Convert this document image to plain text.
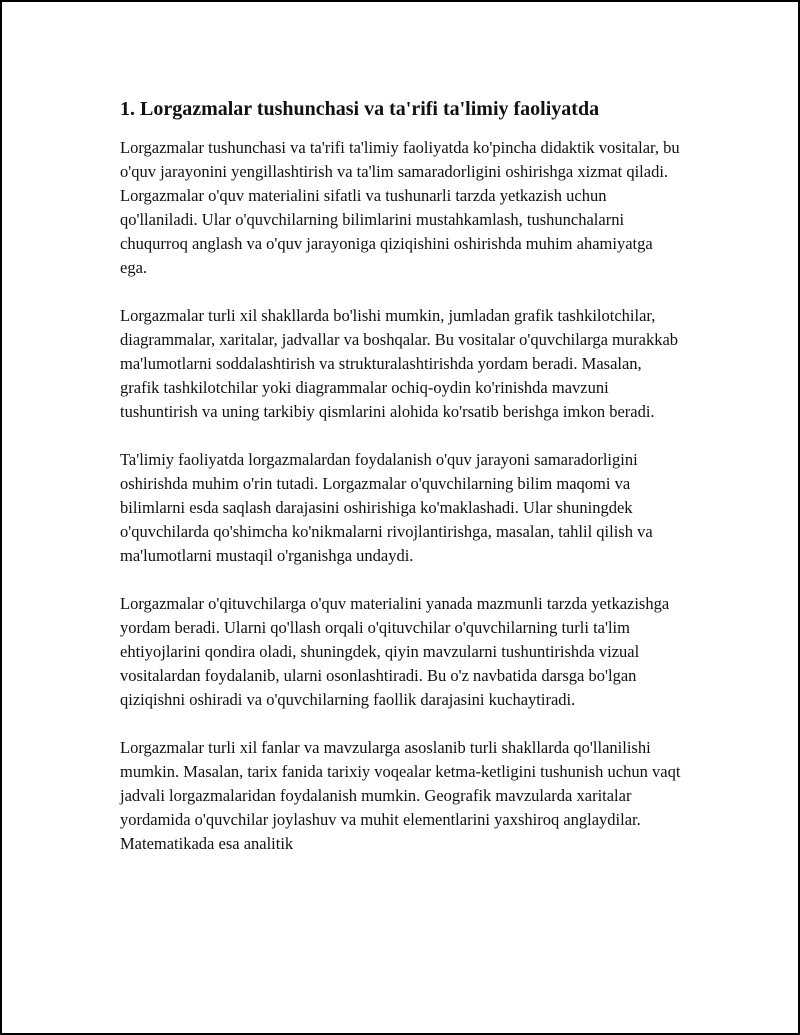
1. Lorgazmalar tushunchasi va ta'rifi ta'limiy faoliyatda

Lorgazmalar tushunchasi va ta'rifi ta'limiy faoliyatda ko'pincha didaktik vositalar, bu o'quv jarayonini yengillashtirish va ta'lim samaradorligini oshirishga xizmat qiladi. Lorgazmalar o'quv materialini sifatli va tushunarli tarzda yetkazish uchun qo'llaniladi. Ular o'quvchilarning bilimlarini mustahkamlash, tushunchalarni chuqurroq anglash va o'quv jarayoniga qiziqishini oshirishda muhim ahamiyatga ega.

Lorgazmalar turli xil shakllarda bo'lishi mumkin, jumladan grafik tashkilotchilar, diagrammalar, xaritalar, jadvallar va boshqalar. Bu vositalar o'quvchilarga murakkab ma'lumotlarni soddalashtirish va strukturalashtirishda yordam beradi. Masalan, grafik tashkilotchilar yoki diagrammalar ochiq-oydin ko'rinishda mavzuni tushuntirish va uning tarkibiy qismlarini alohida ko'rsatib berishga imkon beradi.

Ta'limiy faoliyatda lorgazmalardan foydalanish o'quv jarayoni samaradorligini oshirishda muhim o'rin tutadi. Lorgazmalar o'quvchilarning bilim maqomi va bilimlarni esda saqlash darajasini oshirishiga ko'maklashadi. Ular shuningdek o'quvchilarda qo'shimcha ko'nikmalarni rivojlantirishga, masalan, tahlil qilish va ma'lumotlarni mustaqil o'rganishga undaydi.

Lorgazmalar o'qituvchilarga o'quv materialini yanada mazmunli tarzda yetkazishga yordam beradi. Ularni qo'llash orqali o'qituvchilar o'quvchilarning turli ta'lim ehtiyojlarini qondira oladi, shuningdek, qiyin mavzularni tushuntirishda vizual vositalardan foydalanib, ularni osonlashtiradi. Bu o'z navbatida darsga bo'lgan qiziqishni oshiradi va o'quvchilarning faollik darajasini kuchaytiradi.

Lorgazmalar turli xil fanlar va mavzularga asoslanib turli shakllarda qo'llanilishi mumkin. Masalan, tarix fanida tarixiy voqealar ketma-ketligini tushunish uchun vaqt jadvali lorgazmalaridan foydalanish mumkin. Geografik mavzularda xaritalar yordamida o'quvchilar joylashuv va muhit elementlarini yaxshiroq anglaydilar. Matematikada esa analitik
